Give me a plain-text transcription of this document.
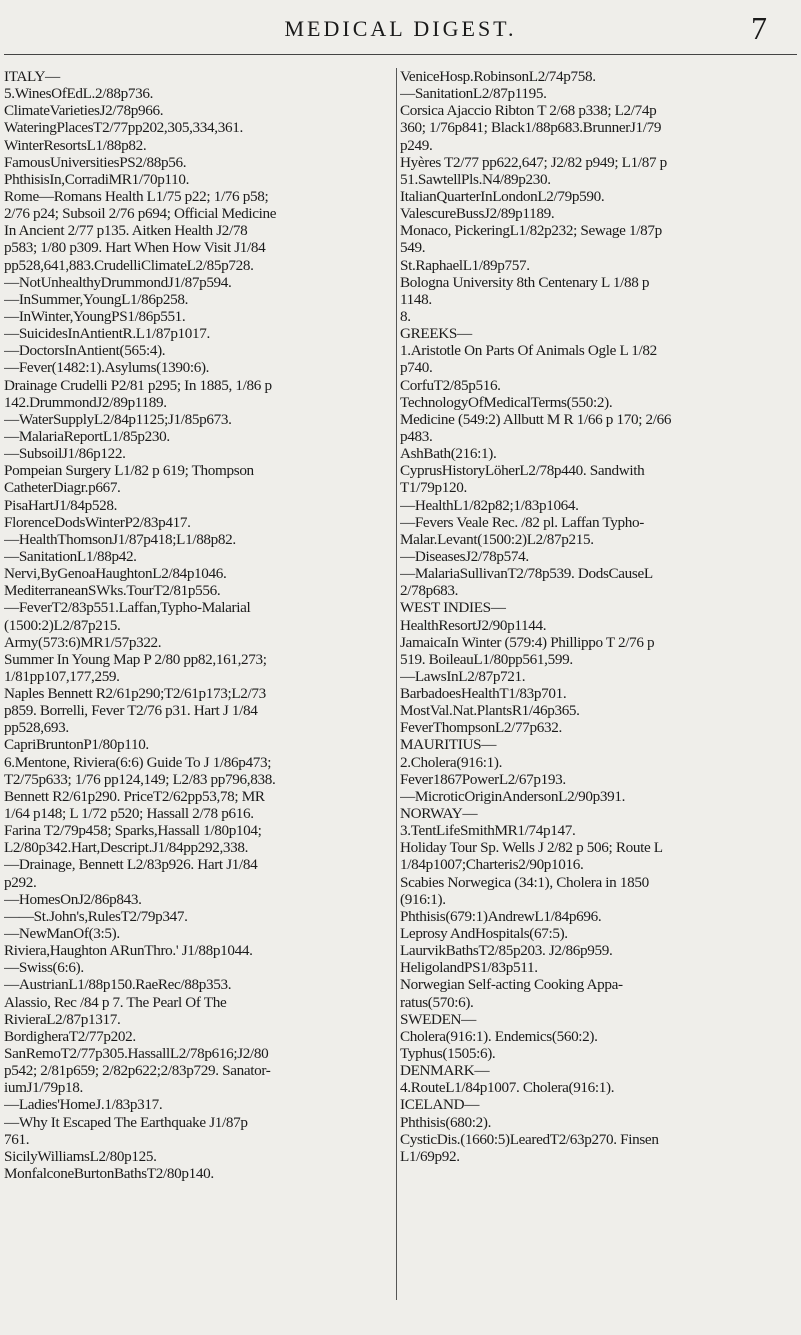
MEDICAL DIGEST.	7
ITALY—
5.WinesOfEdL.2/88p736.
ClimateVarietiesJ2/78p966.
WateringPlacesT2/77pp202,305,334,361.
WinterResortsL1/88p82.
FamousUniversitiesPS2/88p56.
PhthisisIn,CorradiMR1/70p110.
Rome—Romans Health L1/75 p22; 1/76 p58;
2/76 p24; Subsoil 2/76 p694; Official Medicine
In Ancient 2/77 p135. Aitken Health J2/78
p583; 1/80 p309. Hart When How Visit J1/84
pp528,641,883.CrudelliClimateL2/85p728.
—NotUnhealthyDrummondJ1/87p594.
—InSummer,YoungL1/86p258.
—InWinter,YoungPS1/86p551.
—SuicidesInAntientR.L1/87p1017.
—DoctorsInAntient(565:4).
—Fever(1482:1).Asylums(1390:6).
Drainage Crudelli P2/81 p295; In 1885, 1/86 p
142.DrummondJ2/89p1189.
—WaterSupplyL2/84p1125;J1/85p673.
—MalariaReportL1/85p230.
—SubsoilJ1/86p122.
Pompeian Surgery L1/82 p 619; Thompson
CatheterDiagr.p667.
PisaHartJ1/84p528.
FlorenceDodsWinterP2/83p417.
—HealthThomsonJ1/87p418;L1/88p82.
—SanitationL1/88p42.
Nervi,ByGenoaHaughtonL2/84p1046.
MediterraneanSWks.TourT2/81p556.
—FeverT2/83p551.Laffan,Typho-Malarial
(1500:2)L2/87p215.
Army(573:6)MR1/57p322.
Summer In Young Map P 2/80 pp82,161,273;
1/81pp107,177,259.
Naples Bennett R2/61p290;T2/61p173;L2/73
p859. Borrelli, Fever T2/76 p31. Hart J 1/84
pp528,693.
CapriBruntonP1/80p110.
6.Mentone, Riviera(6:6) Guide To J 1/86p473;
T2/75p633; 1/76 pp124,149; L2/83 pp796,838.
Bennett R2/61p290. PriceT2/62pp53,78; MR
1/64 p148; L 1/72 p520; Hassall 2/78 p616.
Farina T2/79p458; Sparks,Hassall 1/80p104;
L2/80p342.Hart,Descript.J1/84pp292,338.
—Drainage, Bennett L2/83p926. Hart J1/84
p292.
—HomesOnJ2/86p843.
——St.John's,RulesT2/79p347.
—NewManOf(3:5).
Riviera,Haughton ARunThro.' J1/88p1044.
—Swiss(6:6).
—AustrianL1/88p150.RaeRec/88p353.
Alassio, Rec /84 p 7. The Pearl Of The
RivieraL2/87p1317.
BordigheraT2/77p202.
SanRemoT2/77p305.HassallL2/78p616;J2/80
p542; 2/81p659; 2/82p622;2/83p729. Sanator-
iumJ1/79p18.
—Ladies'HomeJ.1/83p317.
—Why It Escaped The Earthquake J1/87p
761.
SicilyWilliamsL2/80p125.
MonfalconeBurtonBathsT2/80p140.
VeniceHosp.RobinsonL2/74p758.
—SanitationL2/87p1195.
Corsica Ajaccio Ribton T 2/68 p338; L2/74p
360; 1/76p841; Black1/88p683.BrunnerJ1/79
p249.
Hyères T2/77 pp622,647; J2/82 p949; L1/87 p
51.SawtellPls.N4/89p230.
ItalianQuarterInLondonL2/79p590.
ValescureBussJ2/89p1189.
Monaco, PickeringL1/82p232; Sewage 1/87p
549.
St.RaphaelL1/89p757.
Bologna University 8th Centenary L 1/88 p
1148.
8.
GREEKS—
1.Aristotle On Parts Of Animals Ogle L 1/82
p740.
CorfuT2/85p516.
TechnologyOfMedicalTerms(550:2).
Medicine (549:2) Allbutt M R 1/66 p 170; 2/66
p483.
AshBath(216:1).
CyprusHistoryLöherL2/78p440. Sandwith
T1/79p120.
—HealthL1/82p82;1/83p1064.
—Fevers Veale Rec. /82 pl. Laffan Typho-
Malar.Levant(1500:2)L2/87p215.
—DiseasesJ2/78p574.
—MalariaSullivanT2/78p539. DodsCauseL
2/78p683.
WEST INDIES—
HealthResortJ2/90p1144.
JamaicaIn Winter (579:4) Phillippo T 2/76 p
519. BoileauL1/80pp561,599.
—LawsInL2/87p721.
BarbadoesHealthT1/83p701.
MostVal.Nat.PlantsR1/46p365.
FeverThompsonL2/77p632.
MAURITIUS—
2.Cholera(916:1).
Fever1867PowerL2/67p193.
—MicroticOriginAndersonL2/90p391.
NORWAY—
3.TentLifeSmithMR1/74p147.
Holiday Tour Sp. Wells J 2/82 p 506; Route L
1/84p1007;Charteris2/90p1016.
Scabies Norwegica (34:1), Cholera in 1850
(916:1).
Phthisis(679:1)AndrewL1/84p696.
Leprosy AndHospitals(67:5).
LaurvikBathsT2/85p203. J2/86p959.
HeligolandPS1/83p511.
Norwegian Self-acting Cooking Appa-
ratus(570:6).
SWEDEN—
Cholera(916:1). Endemics(560:2).
Typhus(1505:6).
DENMARK—
4.RouteL1/84p1007. Cholera(916:1).
ICELAND—
Phthisis(680:2).
CysticDis.(1660:5)LearedT2/63p270. Finsen
L1/69p92.
